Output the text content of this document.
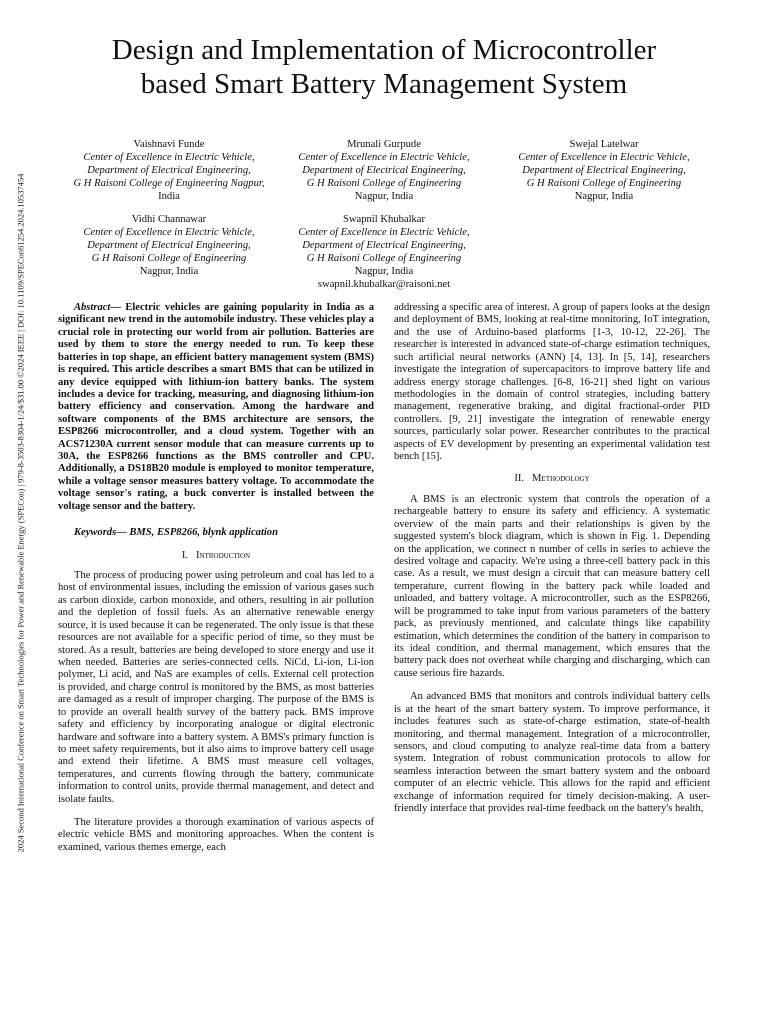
2024 Second International Conference on Smart Technologies for Power and Renewable Energy (SPECon) | 979-8-3503-8304-1/24/$31.00 ©2024 IEEE | DOI: 10.1109/SPECon61254.2024.10537454
Design and Implementation of Microcontroller
based Smart Battery Management System
Vaishnavi Funde
Center of Excellence in Electric Vehicle,
Department of Electrical Engineering,
G H Raisoni College of Engineering Nagpur,
India
Mrunali Gurpude
Center of Excellence in Electric Vehicle,
Department of Electrical Engineering,
G H Raisoni College of Engineering
Nagpur, India
Swejal Latelwar
Center of Excellence in Electric Vehicle,
Department of Electrical Engineering,
G H Raisoni College of Engineering
Nagpur, India
Vidhi Channawar
Center of Excellence in Electric Vehicle,
Department of Electrical Engineering,
G H Raisoni College of Engineering
Nagpur, India
Swapnil Khubalkar
Center of Excellence in Electric Vehicle,
Department of Electrical Engineering,
G H Raisoni College of Engineering
Nagpur, India
swapnil.khubalkar@raisoni.net

Abstract— Electric vehicles are gaining popularity in India as a significant new trend in the automobile industry. These vehicles play a crucial role in protecting our world from air pollution. Batteries are used by them to store the energy needed to run. To keep these batteries in top shape, an efficient battery management system (BMS) is required. This article describes a smart BMS that can be utilized in any device equipped with lithium-ion battery banks. The system includes a device for tracking, measuring, and diagnosing lithium-ion battery efficiency and conservation. Among the hardware and software components of the BMS architecture are sensors, the ESP8266 microcontroller, and a cloud system. Together with an ACS71230A current sensor module that can measure currents up to 30A, the ESP8266 functions as the BMS controller and CPU. Additionally, a DS18B20 module is employed to monitor temperature, while a voltage sensor measures battery voltage. To accommodate the voltage sensor's rating, a buck converter is installed between the voltage sensor and the battery.

Keywords— BMS, ESP8266, blynk application

I. Introduction

The process of producing power using petroleum and coal has led to a host of environmental issues, including the emission of various gases such as carbon dioxide, carbon monoxide, and others, resulting in air pollution and the depletion of fossil fuels. As an alternative renewable energy source, it is used because it can be regenerated. The only issue is that these resources are not available for a specific period of time, so they must be stored. As a result, batteries are being developed to store energy and use it when needed. Batteries are series-connected cells. NiCd, Li-ion, Li-ion polymer, Li acid, and NaS are examples of cells. External cell protection is provided, and charge control is monitored by the BMS, as most batteries are damaged as a result of improper charging. The purpose of the BMS is to provide an overall health survey of the battery pack. BMS improve safety and efficiency by incorporating analogue or digital electronic hardware and software into a battery system. A BMS's primary function is to meet safety requirements, but it also aims to improve battery cell usage and extend their lifetime. A BMS must measure cell voltages, temperatures, and currents flowing through the battery, communicate information to control units, provide thermal management, and detect and isolate faults.

The literature provides a thorough examination of various aspects of electric vehicle BMS and monitoring approaches. When the content is examined, various themes emerge, each

addressing a specific area of interest. A group of papers looks at the design and deployment of BMS, looking at real-time monitoring, IoT integration, and the use of Arduino-based platforms [1-3, 10-12, 22-26]. The researcher is interested in advanced state-of-charge estimation techniques, such artificial neural networks (ANN) [4, 13]. In [5, 14], researchers investigate the integration of supercapacitors to improve battery life and address energy storage challenges. [6-8, 16-21] shed light on various methodologies in the domain of control strategies, including battery management, regenerative braking, and digital fractional-order PID controllers. [9, 21] investigate the integration of renewable energy sources, particularly solar power. Researcher contributes to the practical aspects of EV development by presenting an experimental validation test bench [15].

II. Methodology

A BMS is an electronic system that controls the operation of a rechargeable battery to ensure its safety and efficiency. A systematic overview of the main parts and their relationships is given by the suggested system's block diagram, which is shown in Fig. 1. Depending on the application, we connect n number of cells in series to achieve the desired voltage and capacity. We're using a three-cell battery pack in this case. As a result, we must design a circuit that can measure battery cell temperature, current flowing in the battery pack while loaded and unloaded, and battery voltage. A microcontroller, such as the ESP8266, will be programmed to take input from various parameters of the battery pack, as previously mentioned, and calculate things like capability estimation, which determines the condition of the battery in comparison to its ideal condition, and thermal management, which ensures that the battery pack does not overheat while charging and discharging, which can cause serious fire hazards.

An advanced BMS that monitors and controls individual battery cells is at the heart of the smart battery system. To improve performance, it includes features such as state-of-charge estimation, state-of-health monitoring, and thermal management. Integration of a microcontroller, sensors, and cloud computing to analyze real-time data from a battery system. Integration of robust communication protocols to allow for seamless interaction between the smart battery system and the onboard computer of an electric vehicle. This allows for the rapid and efficient exchange of information required for timely decision-making. A user-friendly interface that provides real-time feedback on the battery's health,
